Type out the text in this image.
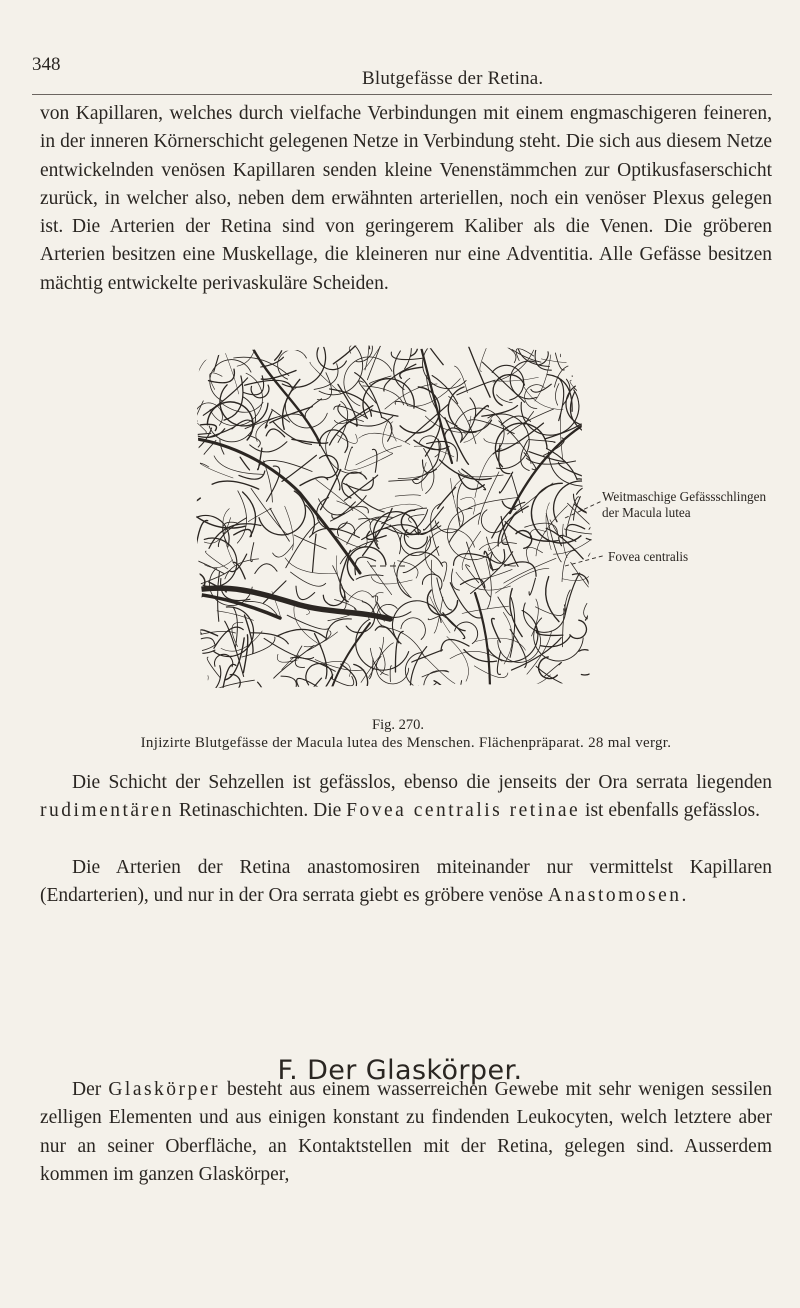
348
Blutgefässe der Retina.

von Kapillaren, welches durch vielfache Verbindungen mit einem engmaschigeren feineren, in der inneren Körnerschicht gelegenen Netze in Verbindung steht. Die sich aus diesem Netze entwickelnden venösen Kapillaren senden kleine Venenstämmchen zur Optikusfaserschicht zurück, in welcher also, neben dem erwähnten arteriellen, noch ein venöser Plexus gelegen ist. Die Arterien der Retina sind von geringerem Kaliber als die Venen. Die gröberen Arterien besitzen eine Muskellage, die kleineren nur eine Adventitia. Alle Gefässe besitzen mächtig entwickelte perivaskuläre Scheiden.

Weitmaschige Gefässschlingen der Macula lutea
Fovea centralis
Fig. 270.
Injizirte Blutgefässe der Macula lutea des Menschen. Flächenpräparat. 28 mal vergr.

Die Schicht der Sehzellen ist gefässlos, ebenso die jenseits der Ora serrata liegenden rudimentären Retinaschichten. Die Fovea centralis retinae ist ebenfalls gefässlos.

Die Arterien der Retina anastomosiren miteinander nur vermittelst Kapillaren (Endarterien), und nur in der Ora serrata giebt es gröbere venöse Anastomosen.

F. Der Glaskörper.

Der Glaskörper besteht aus einem wasserreichen Gewebe mit sehr wenigen sessilen zelligen Elementen und aus einigen konstant zu findenden Leukocyten, welch letztere aber nur an seiner Oberfläche, an Kontaktstellen mit der Retina, gelegen sind. Ausserdem kommen im ganzen Glaskörper,
